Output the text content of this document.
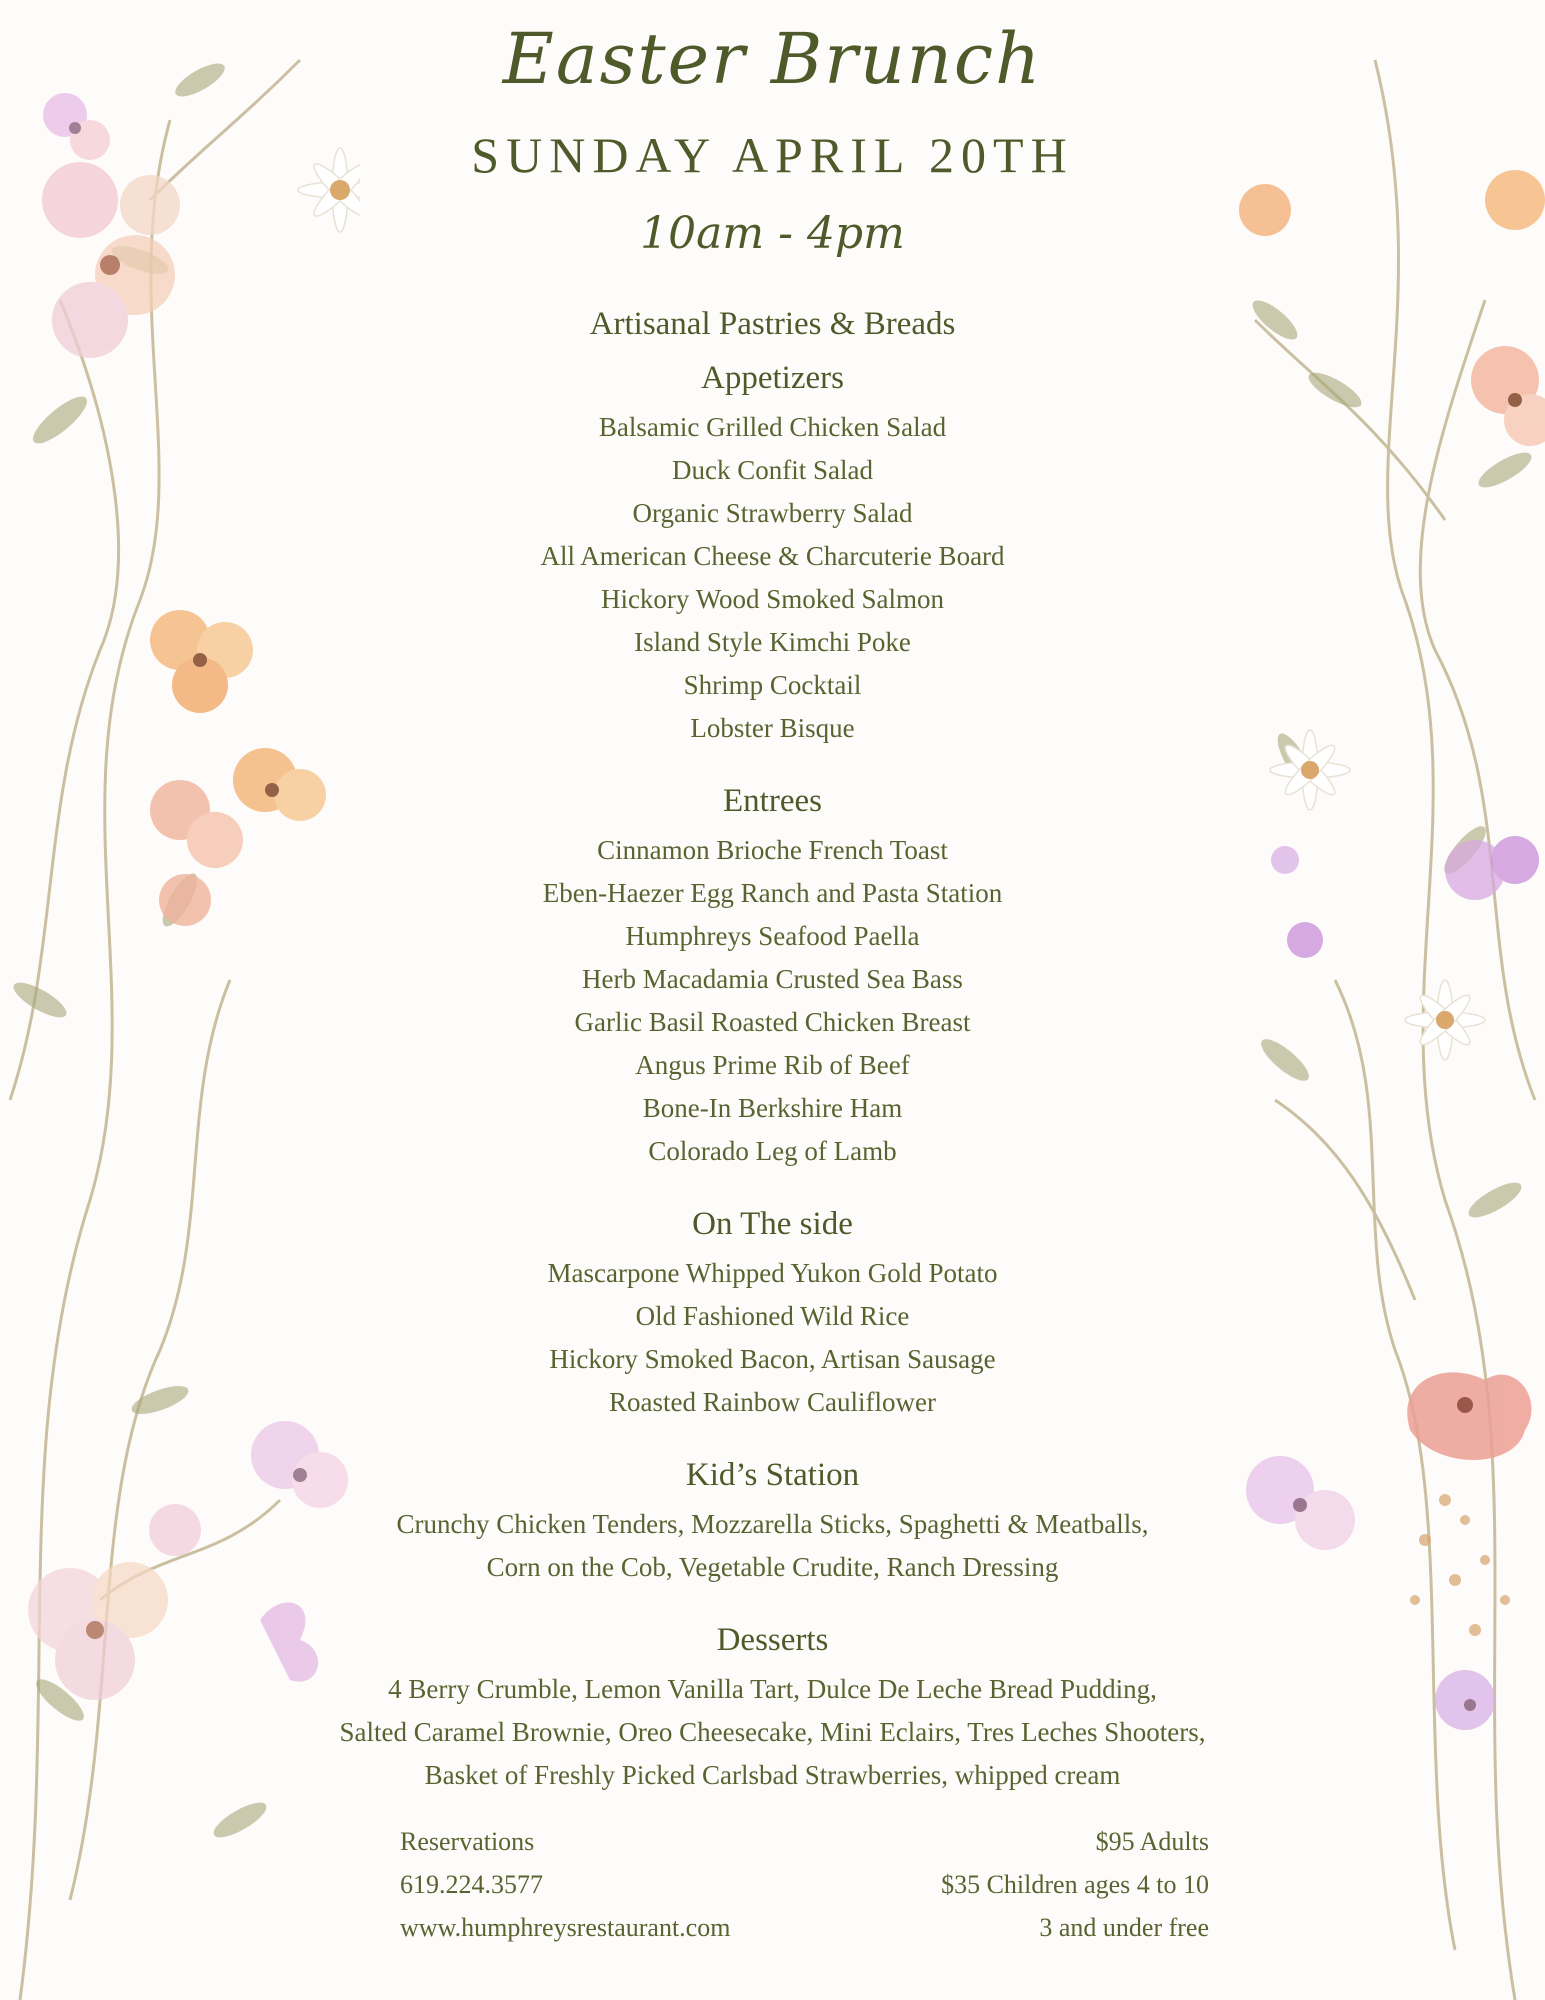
Easter Brunch
SUNDAY APRIL 20TH
10am - 4pm
Artisanal Pastries & Breads
Appetizers
Balsamic Grilled Chicken Salad
Duck Confit Salad
Organic Strawberry Salad
All American Cheese & Charcuterie Board
Hickory Wood Smoked Salmon
Island Style Kimchi Poke
Shrimp Cocktail
Lobster Bisque
Entrees
Cinnamon Brioche French Toast
Eben-Haezer Egg Ranch and Pasta Station
Humphreys Seafood Paella
Herb Macadamia Crusted Sea Bass
Garlic Basil Roasted Chicken Breast
Angus Prime Rib of Beef
Bone-In Berkshire Ham
Colorado Leg of Lamb
On The side
Mascarpone Whipped Yukon Gold Potato
Old Fashioned Wild Rice
Hickory Smoked Bacon, Artisan Sausage
Roasted Rainbow Cauliflower
Kid’s Station
Crunchy Chicken Tenders, Mozzarella Sticks, Spaghetti & Meatballs,
Corn on the Cob, Vegetable Crudite, Ranch Dressing
Desserts
4 Berry Crumble, Lemon Vanilla Tart, Dulce De Leche Bread Pudding,
Salted Caramel Brownie, Oreo Cheesecake, Mini Eclairs, Tres Leches Shooters,
Basket of Freshly Picked Carlsbad Strawberries, whipped cream
Reservations
619.224.3577
www.humphreysrestaurant.com
$95 Adults
$35 Children ages 4 to 10
3 and under free
